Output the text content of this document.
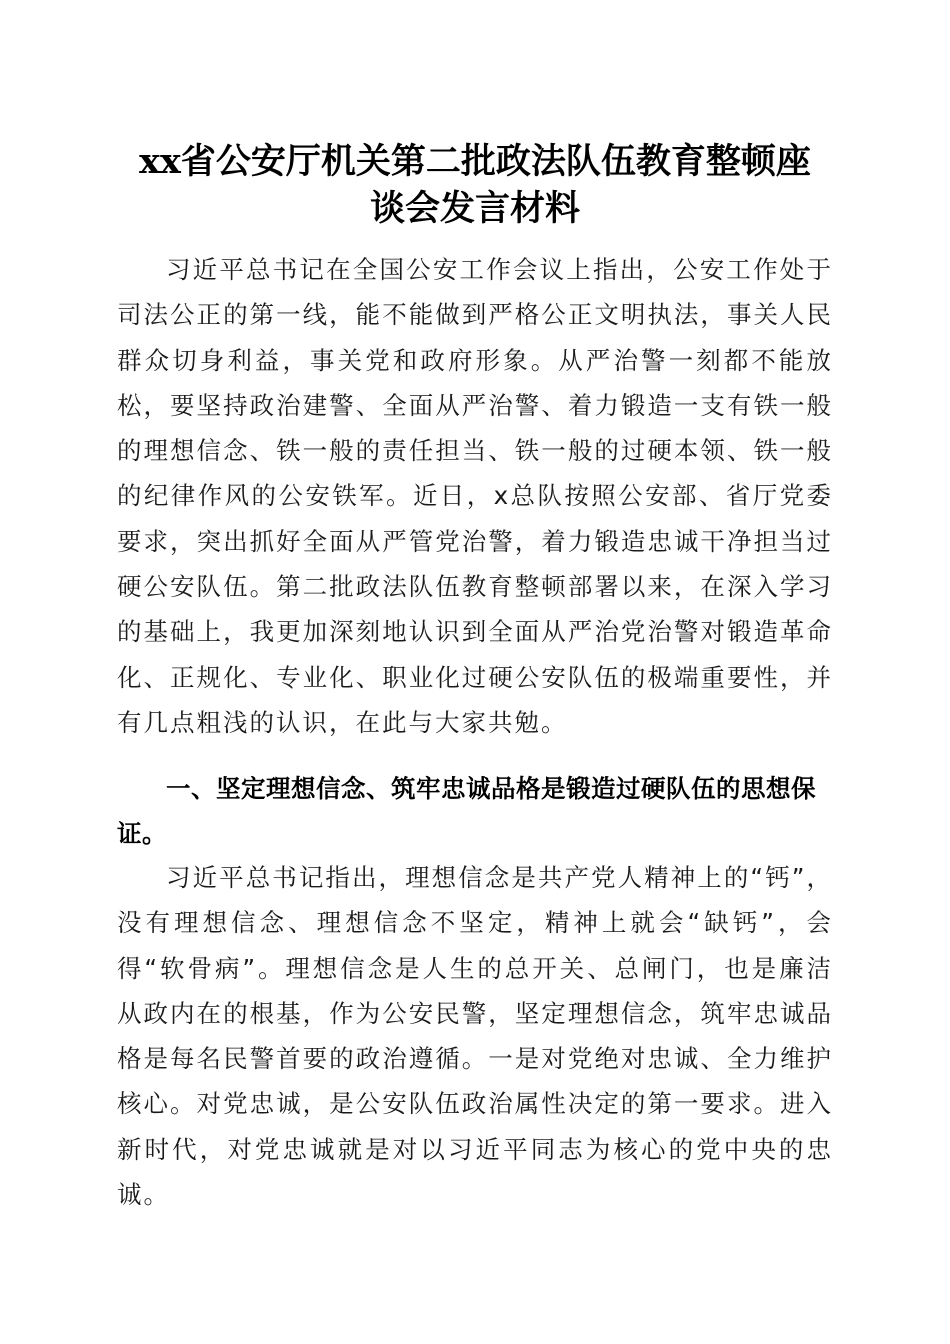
xx省公安厅机关第二批政法队伍教育整顿座
谈会发言材料

习近平总书记在全国公安工作会议上指出，公安工作处于司法公正的第一线，能不能做到严格公正文明执法，事关人民群众切身利益，事关党和政府形象。从严治警一刻都不能放松，要坚持政治建警、全面从严治警、着力锻造一支有铁一般的理想信念、铁一般的责任担当、铁一般的过硬本领、铁一般的纪律作风的公安铁军。近日，x总队按照公安部、省厅党委要求，突出抓好全面从严管党治警，着力锻造忠诚干净担当过硬公安队伍。第二批政法队伍教育整顿部署以来，在深入学习的基础上，我更加深刻地认识到全面从严治党治警对锻造革命化、正规化、专业化、职业化过硬公安队伍的极端重要性，并有几点粗浅的认识，在此与大家共勉。

一、坚定理想信念、筑牢忠诚品格是锻造过硬队伍的思想保证。

习近平总书记指出，理想信念是共产党人精神上的“钙”，没有理想信念、理想信念不坚定，精神上就会“缺钙”，会得“软骨病”。理想信念是人生的总开关、总闸门，也是廉洁从政内在的根基，作为公安民警，坚定理想信念，筑牢忠诚品格是每名民警首要的政治遵循。一是对党绝对忠诚、全力维护核心。对党忠诚，是公安队伍政治属性决定的第一要求。进入新时代，对党忠诚就是对以习近平同志为核心的党中央的忠诚。
